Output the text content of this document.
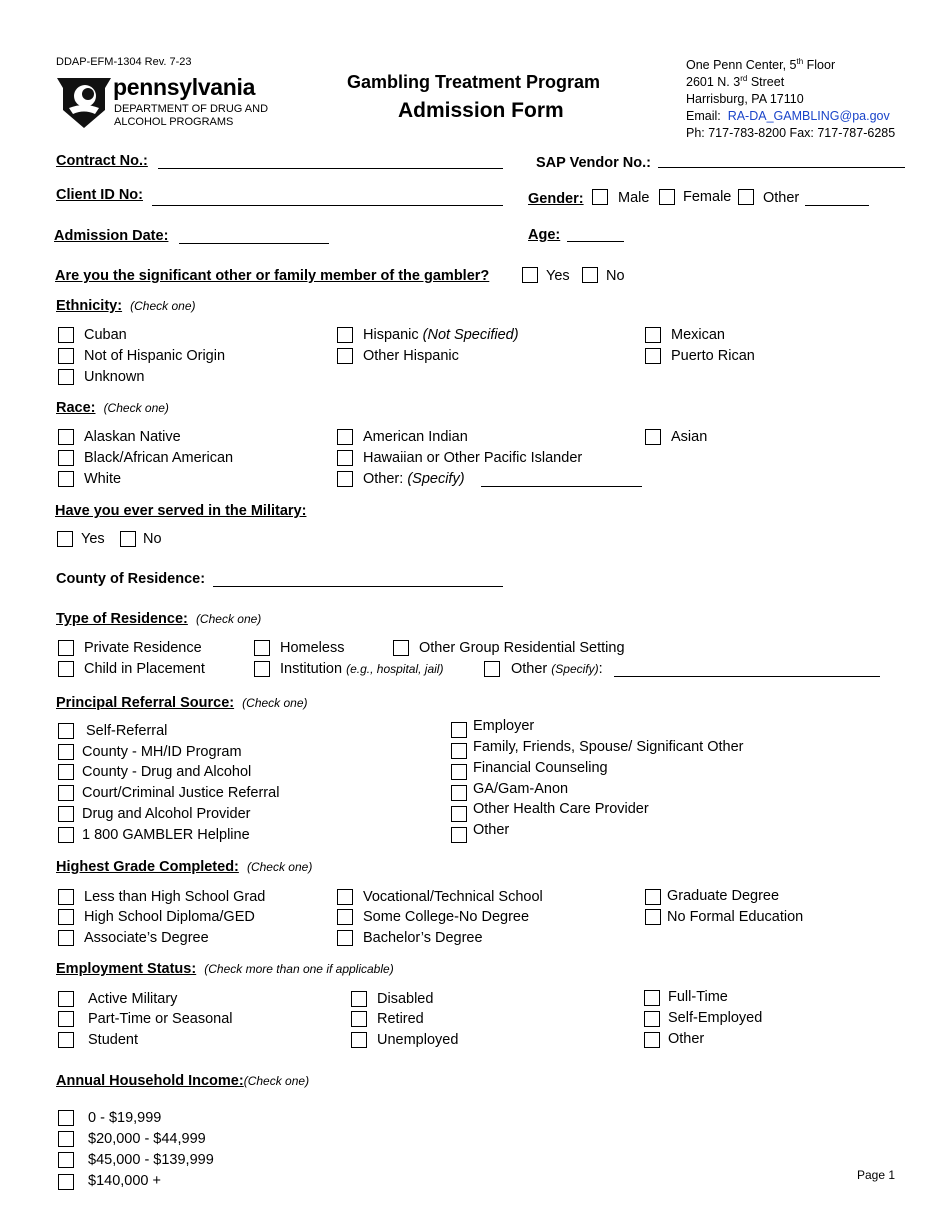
DDAP-EFM-1304 Rev. 7-23
pennsylvania
DEPARTMENT OF DRUG AND
ALCOHOL PROGRAMS
Gambling Treatment Program
Admission Form
One Penn Center, 5th Floor
2601 N. 3rd Street
Harrisburg, PA 17110
Email: RA-DA_GAMBLING@pa.gov
Ph: 717-783-8200 Fax: 717-787-6285
Contract No.:	SAP Vendor No.:
Client ID No:	Gender: Male Female Other
Admission Date:	Age:
Are you the significant other or family member of the gambler?	Yes	No
Ethnicity: (Check one)
Cuban
Not of Hispanic Origin
Unknown
Hispanic (Not Specified)
Other Hispanic
Mexican
Puerto Rican
Race: (Check one)
Alaskan Native
Black/African American
White
American Indian
Hawaiian or Other Pacific Islander
Other: (Specify)
Asian
Have you ever served in the Military:
Yes	No
County of Residence:
Type of Residence: (Check one)
Private Residence
Child in Placement
Homeless
Institution (e.g., hospital, jail)
Other Group Residential Setting
Other (Specify):
Principal Referral Source: (Check one)
Self-Referral
County - MH/ID Program
County - Drug and Alcohol
Court/Criminal Justice Referral
Drug and Alcohol Provider
1 800 GAMBLER Helpline
Employer
Family, Friends, Spouse/ Significant Other
Financial Counseling
GA/Gam-Anon
Other Health Care Provider
Other
Highest Grade Completed: (Check one)
Less than High School Grad
High School Diploma/GED
Associate’s Degree
Vocational/Technical School
Some College-No Degree
Bachelor’s Degree
Graduate Degree
No Formal Education
Employment Status: (Check more than one if applicable)
Active Military
Part-Time or Seasonal
Student
Disabled
Retired
Unemployed
Full-Time
Self-Employed
Other
Annual Household Income:(Check one)
0 - $19,999
$20,000 - $44,999
$45,000 - $139,999
$140,000 +	Page 1
